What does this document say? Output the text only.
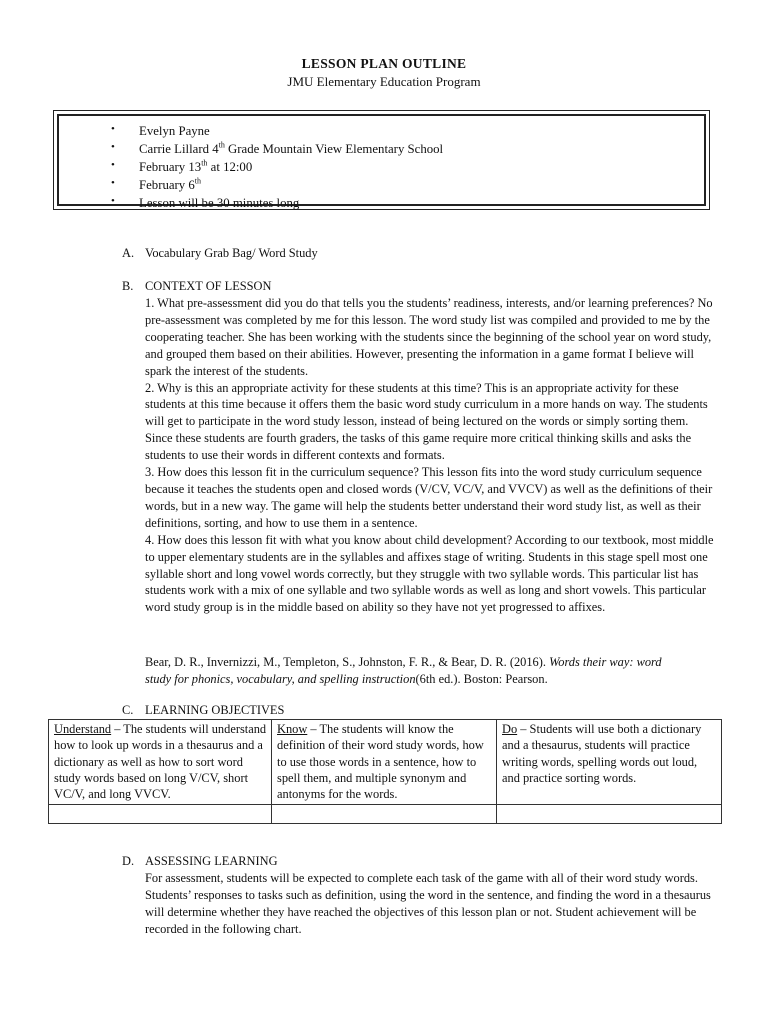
LESSON PLAN OUTLINE
JMU Elementary Education Program
• Evelyn Payne
• Carrie Lillard 4th Grade Mountain View Elementary School
• February 13th at 12:00
• February 6th
• Lesson will be 30 minutes long
A. Vocabulary Grab Bag/ Word Study
B. CONTEXT OF LESSON

1. What pre-assessment did you do that tells you the students’ readiness, interests, and/or learning preferences? No pre-assessment was completed by me for this lesson. The word study list was compiled and provided to me by the cooperating teacher. She has been working with the students since the beginning of the school year on word study, and grouped them based on their abilities. However, presenting the information in a game format I believe will spark the interest of the students.

2. Why is this an appropriate activity for these students at this time? This is an appropriate activity for these students at this time because it offers them the basic word study curriculum in a more hands on way. The students will get to participate in the word study lesson, instead of being lectured on the words or simply sorting them. Since these students are fourth graders, the tasks of this game require more critical thinking skills and asks the students to use their words in different contexts and formats.

3. How does this lesson fit in the curriculum sequence? This lesson fits into the word study curriculum sequence because it teaches the students open and closed words (V/CV, VC/V, and VVCV) as well as the definitions of their words, but in a new way. The game will help the students better understand their word study list, as well as their definitions, sorting, and how to use them in a sentence.

4. How does this lesson fit with what you know about child development? According to our textbook, most middle to upper elementary students are in the syllables and affixes stage of writing. Students in this stage spell most one syllable short and long vowel words correctly, but they struggle with two syllable words. This particular list has students work with a mix of one syllable and two syllable words as well as long and short vowels. This particular word study group is in the middle based on ability so they have not yet progressed to affixes.

Bear, D. R., Invernizzi, M., Templeton, S., Johnston, F. R., & Bear, D. R. (2016). Words their way: word study for phonics, vocabulary, and spelling instruction(6th ed.). Boston: Pearson.
C. LEARNING OBJECTIVES
Understand – The students will understand how to look up words in a thesaurus and a dictionary as well as how to sort word study words based on long V/CV, short VC/V, and long VVCV.	Know – The students will know the definition of their word study words, how to use those words in a sentence, how to spell them, and multiple synonym and antonyms for the words.	Do – Students will use both a dictionary and a thesaurus, students will practice writing words, spelling words out loud, and practice sorting words.

D. ASSESSING LEARNING

For assessment, students will be expected to complete each task of the game with all of their word study words. Students’ responses to tasks such as definition, using the word in the sentence, and finding the word in a thesaurus will determine whether they have reached the objectives of this lesson plan or not. Student achievement will be recorded in the following chart.
